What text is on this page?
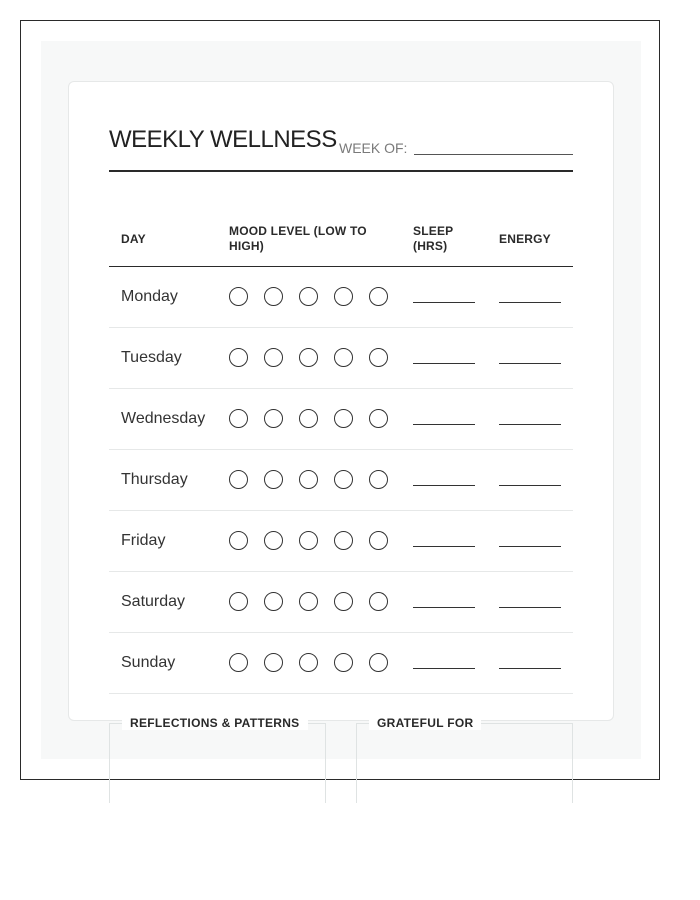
WEEKLY WELLNESS WEEK OF:
DAY
MOOD LEVEL (LOW TO HIGH)
SLEEP (HRS)	ENERGY
Monday
Tuesday
Wednesday
Thursday
Friday
Saturday
Sunday
REFLECTIONS & PATTERNS	GRATEFUL FOR
